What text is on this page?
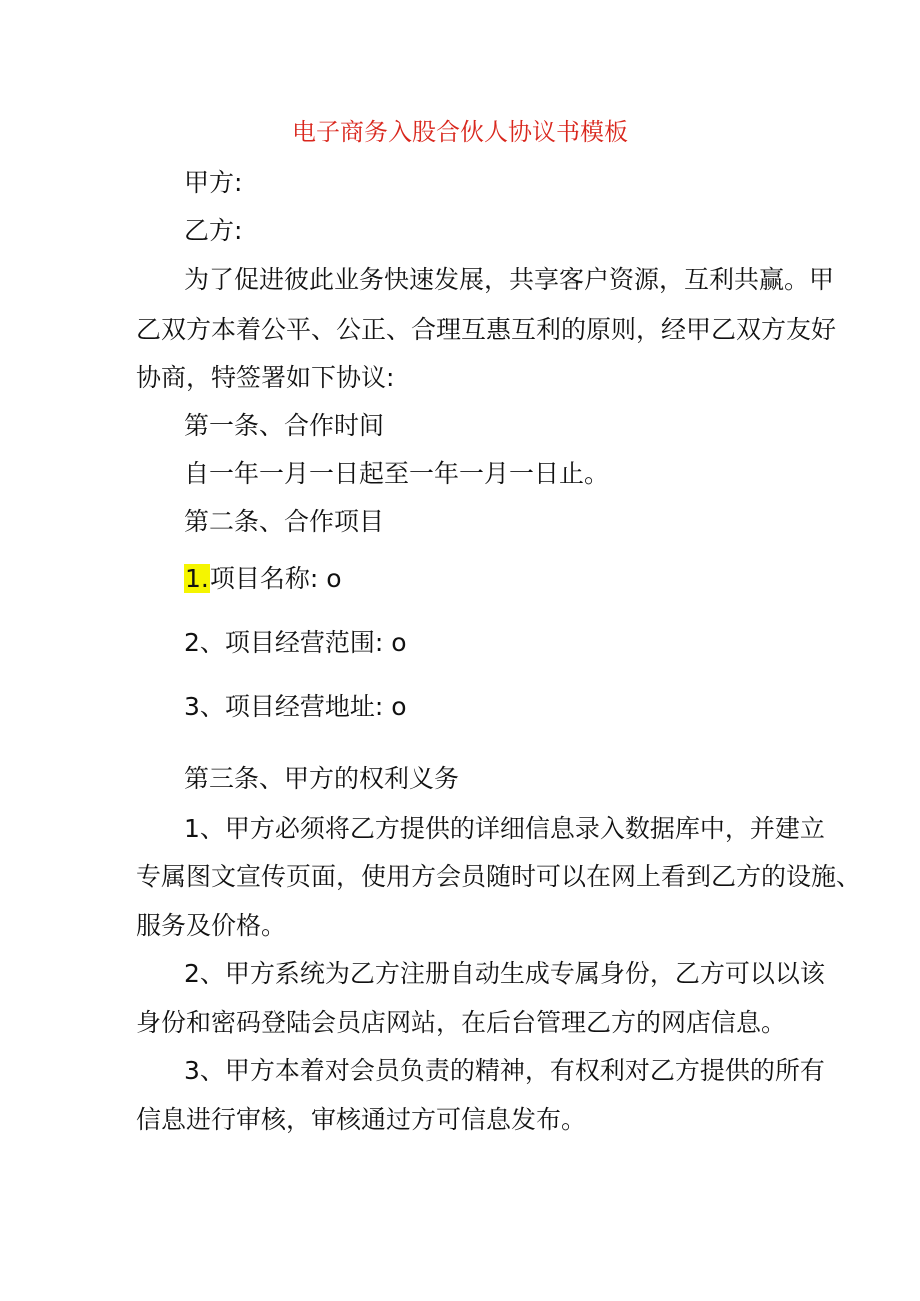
电子商务入股合伙人协议书模板
甲方:
乙方:
为了促进彼此业务快速发展，共享客户资源，互利共赢。甲
乙双方本着公平、公正、合理互惠互利的原则，经甲乙双方友好
协商，特签署如下协议:
第一条、合作时间
自一年一月一日起至一年一月一日止。
第二条、合作项目
1.项目名称: o
2、项目经营范围: o
3、项目经营地址: o
第三条、甲方的权利义务
1、甲方必须将乙方提供的详细信息录入数据库中，并建立
专属图文宣传页面，使用方会员随时可以在网上看到乙方的设施、
服务及价格。
2、甲方系统为乙方注册自动生成专属身份，乙方可以以该
身份和密码登陆会员店网站，在后台管理乙方的网店信息。
3、甲方本着对会员负责的精神，有权利对乙方提供的所有
信息进行审核，审核通过方可信息发布。
